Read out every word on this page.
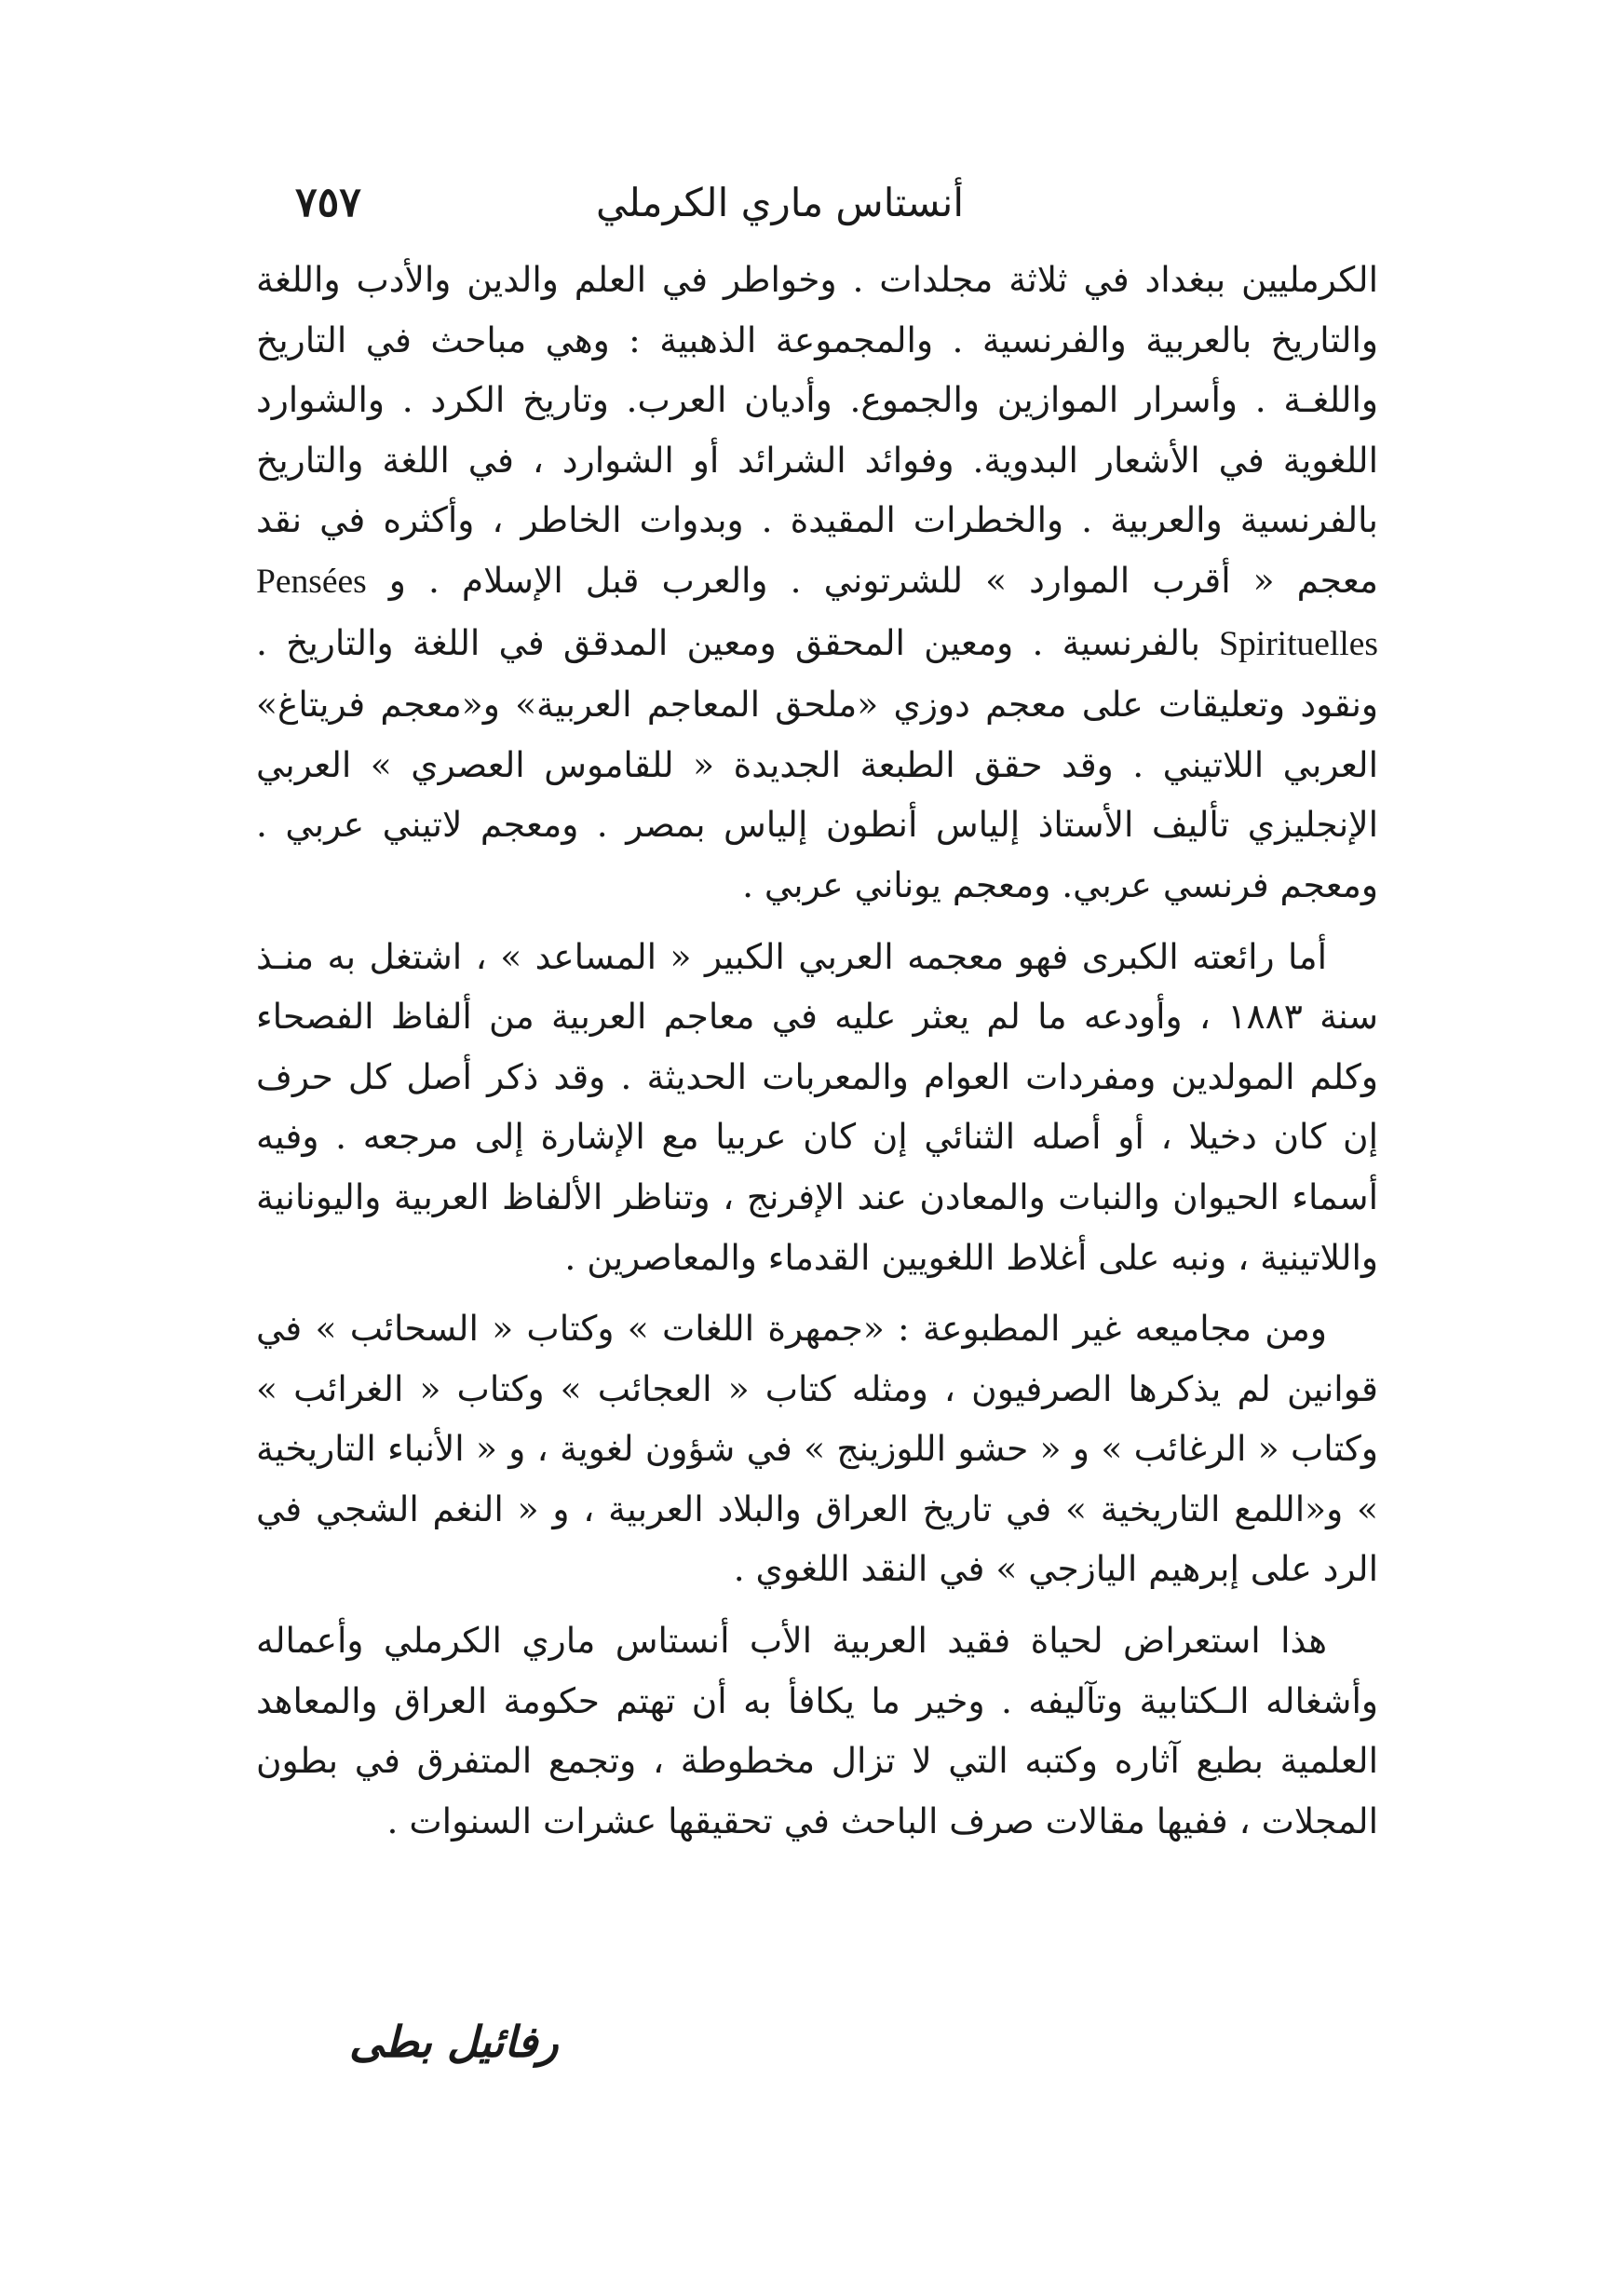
أنستاس ماري الكرملي
٧٥٧

الكرمليين ببغداد في ثلاثة مجلدات . وخواطر في العلم والدين والأدب واللغة والتاريخ بالعربية والفرنسية . والمجموعة الذهبية : وهي مباحث في التاريخ واللغـة . وأسرار الموازين والجموع. وأديان العرب. وتاريخ الكرد . والشوارد اللغوية في الأشعار البدوية. وفوائد الشرائد أو الشوارد ، في اللغة والتاريخ بالفرنسية والعربية . والخطرات المقيدة . وبدوات الخاطر ، وأكثره في نقد معجم « أقرب الموارد » للشرتوني . والعرب قبل الإسلام . و Pensées Spirituelles بالفرنسية . ومعين المحقق ومعين المدقق في اللغة والتاريخ . ونقود وتعليقات على معجم دوزي «ملحق المعاجم العربية» و«معجم فريتاغ» العربي اللاتيني . وقد حقق الطبعة الجديدة « للقاموس العصري » العربي الإنجليزي تأليف الأستاذ إلياس أنطون إلياس بمصر . ومعجم لاتيني عربي . ومعجم فرنسي عربي. ومعجم يوناني عربي .

أما رائعته الكبرى فهو معجمه العربي الكبير « المساعد » ، اشتغل به منـذ سنة ١٨٨٣ ، وأودعه ما لم يعثر عليه في معاجم العربية من ألفاظ الفصحاء وكلم المولدين ومفردات العوام والمعربات الحديثة . وقد ذكر أصل كل حرف إن كان دخيلا ، أو أصله الثنائي إن كان عربيا مع الإشارة إلى مرجعه . وفيه أسماء الحيوان والنبات والمعادن عند الإفرنج ، وتناظر الألفاظ العربية واليونانية واللاتينية ، ونبه على أغلاط اللغويين القدماء والمعاصرين .

ومن مجاميعه غير المطبوعة : «جمهرة اللغات » وكتاب « السحائب » في قوانين لم يذكرها الصرفيون ، ومثله كتاب « العجائب » وكتاب « الغرائب » وكتاب « الرغائب » و « حشو اللوزينج » في شؤون لغوية ، و « الأنباء التاريخية » و«اللمع التاريخية » في تاريخ العراق والبلاد العربية ، و « النغم الشجي في الرد على إبرهيم اليازجي » في النقد اللغوي .

هذا استعراض لحياة فقيد العربية الأب أنستاس ماري الكرملي وأعماله وأشغاله الـكتابية وتآليفه . وخير ما يكافأ به أن تهتم حكومة العراق والمعاهد العلمية بطبع آثاره وكتبه التي لا تزال مخطوطة ، وتجمع المتفرق في بطون المجلات ، ففيها مقالات صرف الباحث في تحقيقها عشرات السنوات .

رفائيل بطى
